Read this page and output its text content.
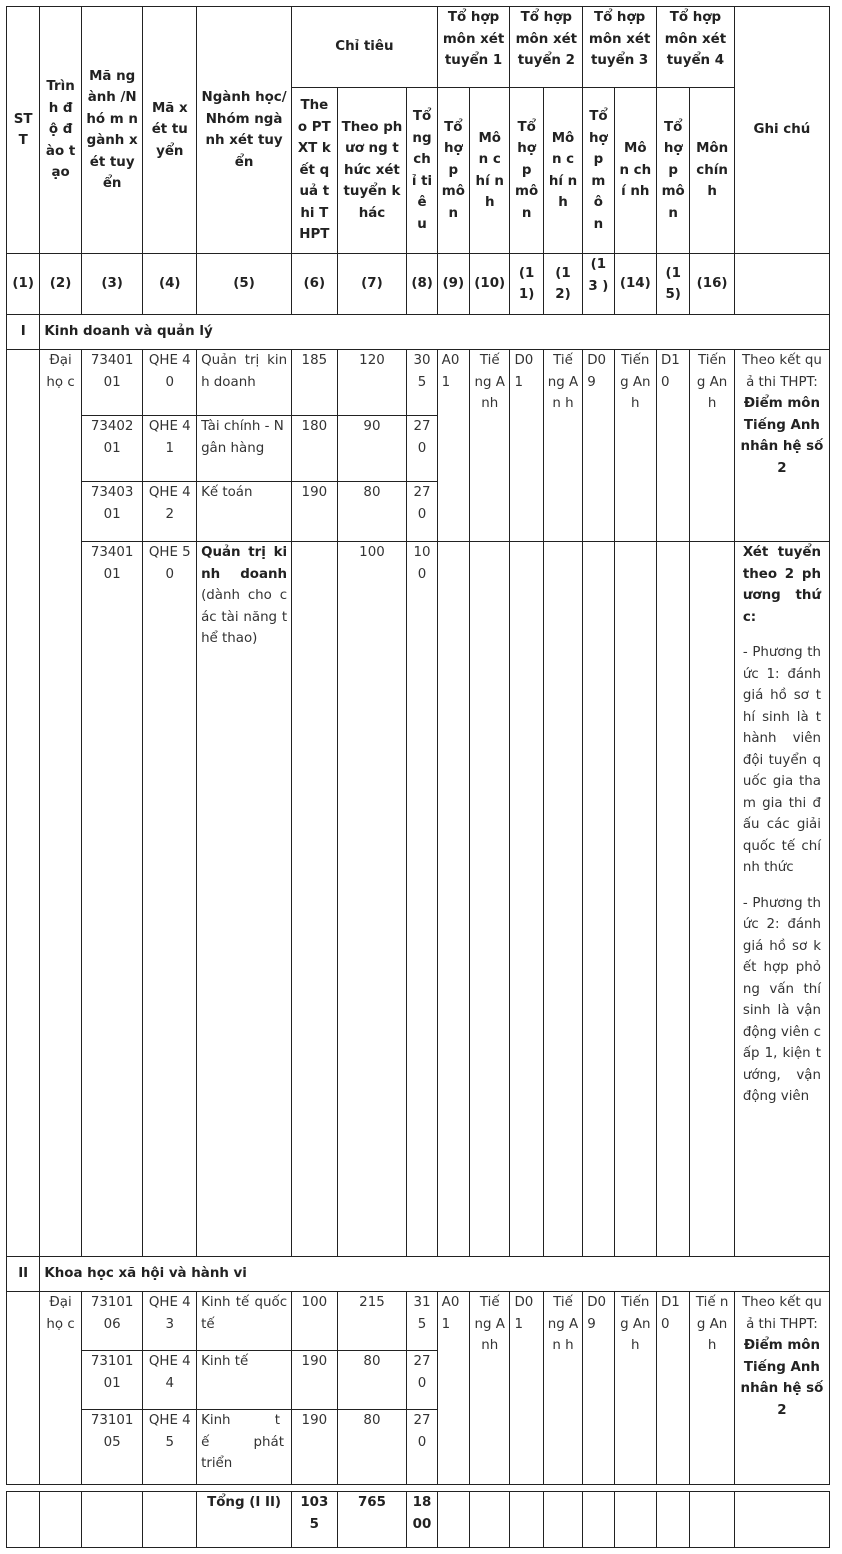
ST T	Trìn h độ đào tạo	Mã ngành /Nhó m ngành xét tuyển	Mã xét tuyển	Ngành học/ Nhóm ngành xét tuyển	Chỉ tiêu			Tổ hợp môn xét tuyển 1		Tổ hợp môn xét tuyển 2		Tổ hợp môn xét tuyển 3		Tổ hợp môn xét tuyển 4		Ghi chú
					Theo PTXT kết quả thi THPT	Theo phươ ng thức xét tuyển khác	Tổ ng chỉ tiê u	Tổ hợ p mô n	Mô n chí nh	Tổ hợ p mô n	Mô n chí nh	Tổ hợ p mô n	Mô n chí nh	Tổ hợ p mô n	Môn chín h	
(1)	(2)	(3)	(4)	(5)	(6)	(7)	(8)	(9)	(10)	(11)	(12)	(13 )	(14)	(15)	(16)	
I	Kinh doanh và quản lý															
	Đại họ c	73401 01	QHE 40	Quản trị kinh doanh	185	120	30 5	A01	Tiế ng Anh	D01	Tiế ng An h	D0 9	Tiến g Anh	D10	Tiến g Anh	Theo kết quả thi THPT: Điểm môn Tiếng Anh nhân hệ số 2
		73402 01	QHE 41	Tài chính - Ngân hàng	180	90	27 0									
		73403 01	QHE 42	Kế toán	190	80	27 0									
		73401 01	QHE 50	Quản trị kinh doanh (dành cho các tài năng thể thao)		100	10 0									Xét tuyển theo 2 phương thức:
- Phương thức 1: đánh giá hồ sơ thí sinh là thành viên đội tuyển quốc gia tham gia thi đấu các giải quốc tế chính thức
- Phương thức 2: đánh giá hồ sơ kết hợp phỏng vấn thí sinh là vận động viên cấp 1, kiện tướng, vận động viên

II	Khoa học xã hội và hành vi															
	Đại họ c	73101 06	QHE 43	Kinh tế quốc tế	100	215	315	A01	Tiế ng Anh	D01	Tiế ng An h	D0 9	Tiến g Anh	D10	Tiế ng An h	Theo kết quả thi THPT: Điểm môn Tiếng Anh nhân hệ số 2
		73101 01	QHE 44	Kinh tế	190	80	27 0									
		73101 05	QHE 45	Kinh tế phát triển	190	80	27 0									

				Tổng (I II)	1035	765	18 00									
